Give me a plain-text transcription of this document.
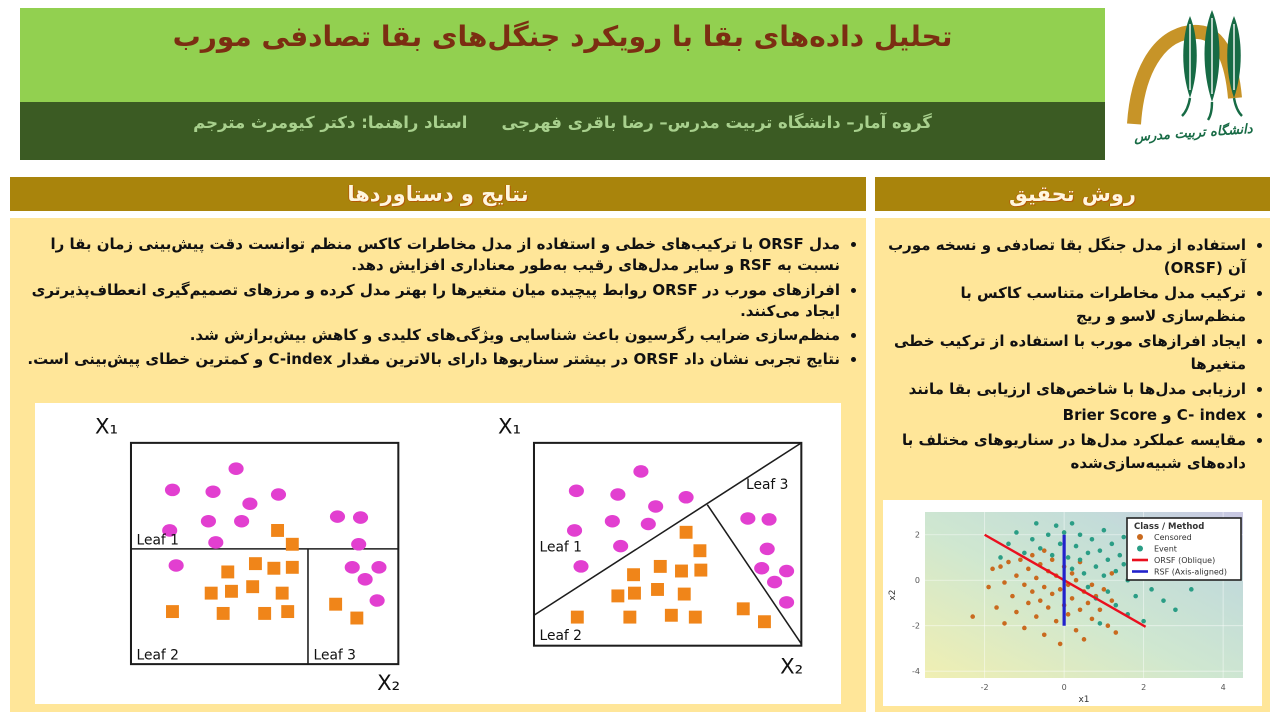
تحلیل داده‌های بقا با رویکرد جنگل‌های بقا تصادفی مورب
گروه آمار– دانشگاه تربیت مدرس– رضا باقری فهرجی
استاد راهنما: دکتر کیومرث مترجم	دانشگاه تربیت مدرس
نتایج و دستاوردها
• مدل ORSF با ترکیب‌های خطی و استفاده از مدل مخاطرات کاکس منظم توانست دقت پیش‌بینی زمان بقا را نسبت به RSF و سایر مدل‌های رقیب به‌طور معناداری افزایش دهد.
• افرازهای مورب در ORSF روابط پیچیده میان متغیرها را بهتر مدل کرده و مرزهای تصمیم‌گیری انعطاف‌پذیرتری ایجاد می‌کنند.
• منظم‌سازی ضرایب رگرسیون باعث شناسایی ویژگی‌های کلیدی و کاهش بیش‌برازش شد.
• نتایج تجربی نشان داد ORSF در بیشتر سناریوها دارای بالاترین مقدار C-index و کمترین خطای پیش‌بینی است.
Leaf 1
Leaf 2	Leaf 3
X₁
X₂
Leaf 1
Leaf 2
Leaf 3
X₁
X₂
روش تحقیق
• استفاده از مدل جنگل بقا تصادفی و نسخه مورب آن (ORSF)
• ترکیب مدل مخاطرات متناسب کاکس با منظم‌سازی لاسو و ریج
• ایجاد افرازهای مورب با استفاده از ترکیب خطی متغیرها
• ارزیابی مدل‌ها با شاخص‌های ارزیابی بقا مانند
• C- index و Brier Score
• مقایسه عملکرد مدل‌ها در سناریوهای مختلف با داده‌های شبیه‌سازی‌شده
-2	0	2	4
-4
-2
0
2
x1
x2
Class / Method
Censored
Event
ORSF (Oblique)
RSF (Axis-aligned)
